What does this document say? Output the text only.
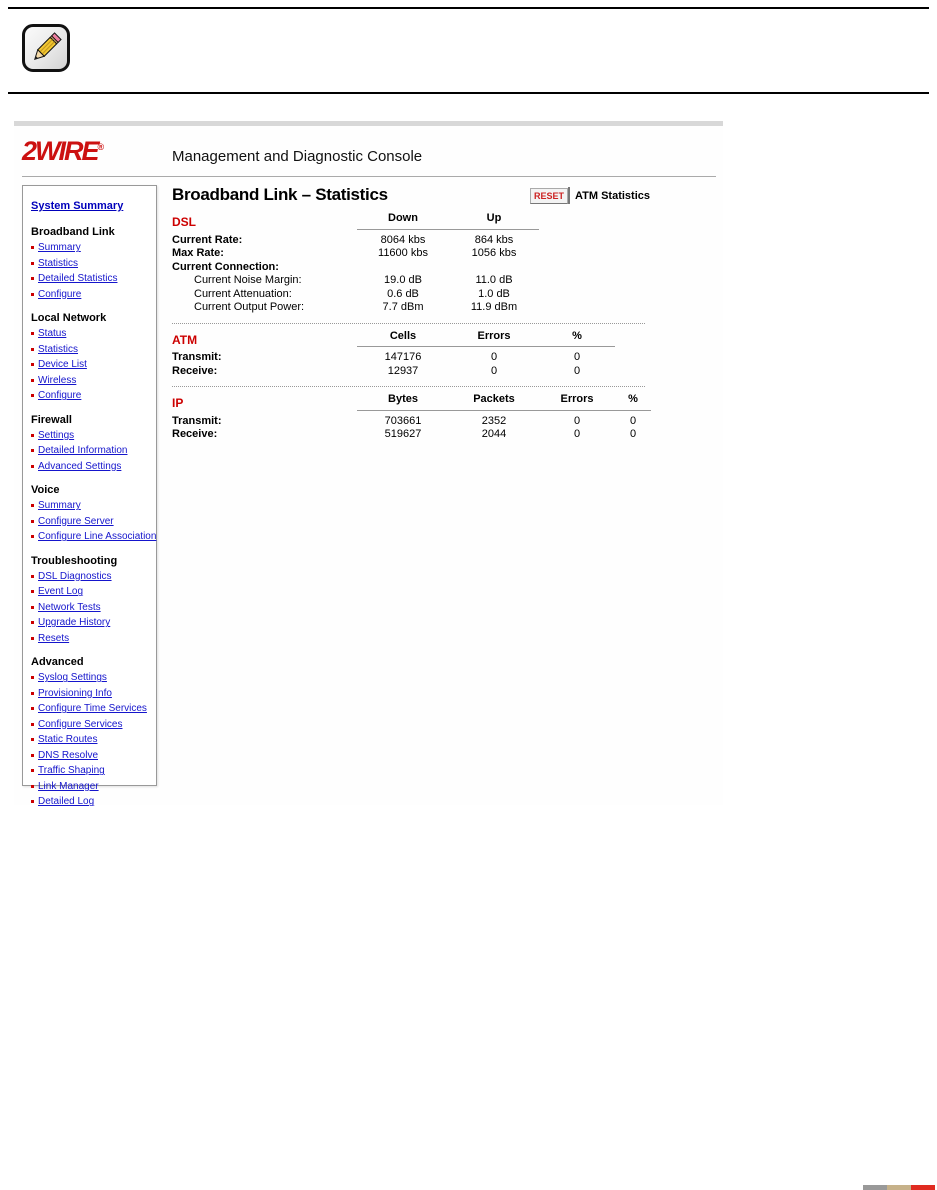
2WIRE®
Management and Diagnostic Console
System Summary
Broadband Link
Summary
Statistics
Detailed Statistics
Configure
Local Network
Status
Statistics
Device List
Wireless
Configure
Firewall
Settings
Detailed Information
Advanced Settings
Voice
Summary
Configure Server
Configure Line Association
Troubleshooting
DSL Diagnostics
Event Log
Network Tests
Upgrade History
Resets
Advanced
Syslog Settings
Provisioning Info
Configure Time Services
Configure Services
Static Routes
DNS Resolve
Traffic Shaping
Link Manager
Detailed Log
Broadband Link – Statistics	RESET	ATM Statistics
DSL	Down	Up
Current Rate:	8064 kbs	864 kbs
Max Rate:	11600 kbs	1056 kbs
Current Connection:
Current Noise Margin:	19.0 dB	11.0 dB
Current Attenuation:	0.6 dB	1.0 dB
Current Output Power:	7.7 dBm	11.9 dBm
ATM	Cells	Errors	%
Transmit:	147176	0	0
Receive:	12937	0	0
IP	Bytes	Packets	Errors	%
Transmit:	703661	2352	0	0
Receive:	519627	2044	0	0
